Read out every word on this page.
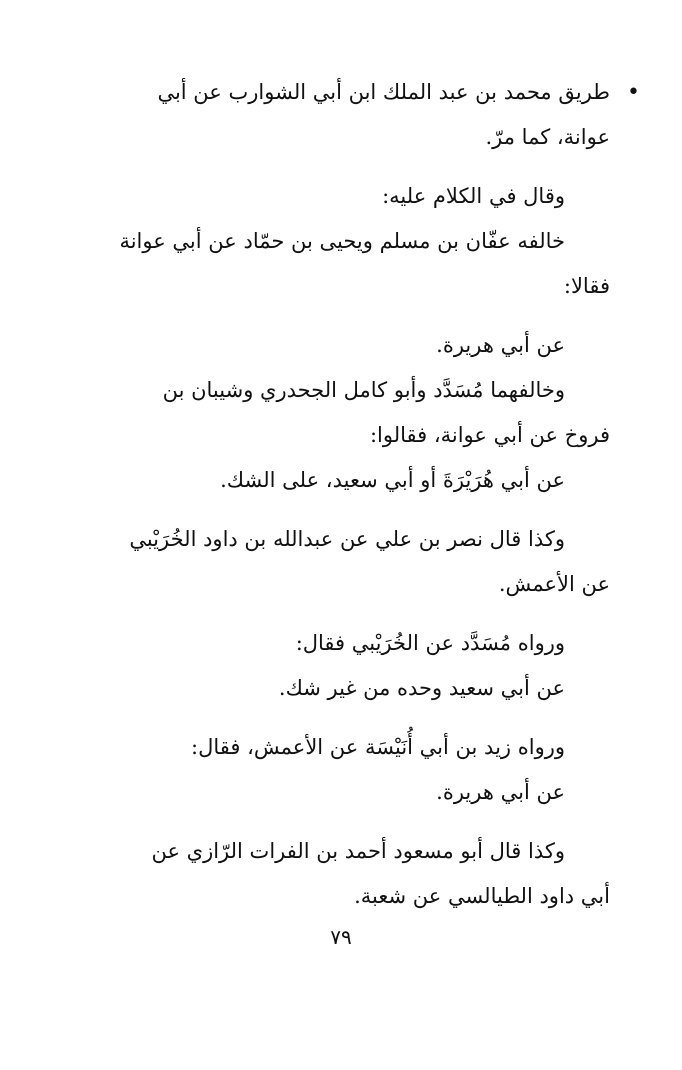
•
طريق محمد بن عبد الملك ابن أبي الشوارب عن أبي
عوانة، كما مرّ.
وقال في الكلام عليه:
خالفه عفّان بن مسلم ويحيى بن حمّاد عن أبي عوانة
فقالا:
عن أبي هريرة.
وخالفهما مُسَدَّد وأبو كامل الجحدري وشيبان بن
فروخ عن أبي عوانة، فقالوا:
عن أبي هُرَيْرَةَ أو أبي سعيد، على الشك.
وكذا قال نصر بن علي عن عبدالله بن داود الخُرَيْبي
عن الأعمش.
ورواه مُسَدَّد عن الخُرَيْبي فقال:
عن أبي سعيد وحده من غير شك.
ورواه زيد بن أبي أُنَيْسَة عن الأعمش، فقال:
عن أبي هريرة.
وكذا قال أبو مسعود أحمد بن الفرات الرّازي عن
أبي داود الطيالسي عن شعبة.
٧٩
